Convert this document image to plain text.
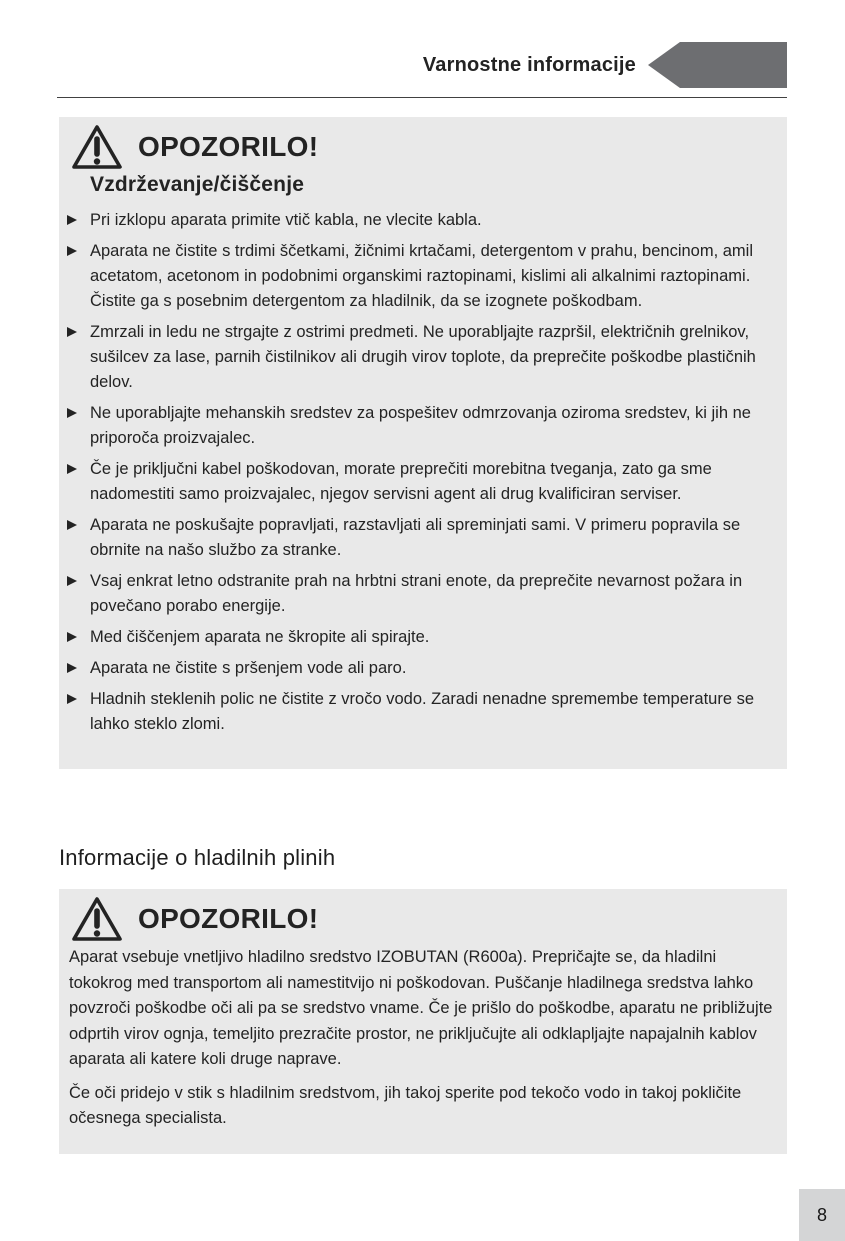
Varnostne informacije
OPOZORILO!
Vzdrževanje/čiščenje
Pri izklopu aparata primite vtič kabla, ne vlecite kabla.
Aparata ne čistite s trdimi ščetkami, žičnimi krtačami, detergentom v prahu, bencinom, amil acetatom, acetonom in podobnimi organskimi raztopinami, kislimi ali alkalnimi raztopinami. Čistite ga s posebnim detergentom za hladilnik, da se izognete poškodbam.
Zmrzali in ledu ne strgajte z ostrimi predmeti. Ne uporabljajte razpršil, električnih grelnikov, sušilcev za lase, parnih čistilnikov ali drugih virov toplote, da preprečite poškodbe plastičnih delov.
Ne uporabljajte mehanskih sredstev za pospešitev odmrzovanja oziroma sredstev, ki jih ne priporoča proizvajalec.
Če je priključni kabel poškodovan, morate preprečiti morebitna tveganja, zato ga sme nadomestiti samo proizvajalec, njegov servisni agent ali drug kvalificiran serviser.
Aparata ne poskušajte popravljati, razstavljati ali spreminjati sami. V primeru popravila se obrnite na našo službo za stranke.
Vsaj enkrat letno odstranite prah na hrbtni strani enote, da preprečite nevarnost požara in povečano porabo energije.
Med čiščenjem aparata ne škropite ali spirajte.
Aparata ne čistite s pršenjem vode ali paro.
Hladnih steklenih polic ne čistite z vročo vodo. Zaradi nenadne spremembe temperature se lahko steklo zlomi.
Informacije o hladilnih plinih
OPOZORILO!

Aparat vsebuje vnetljivo hladilno sredstvo IZOBUTAN (R600a). Prepričajte se, da hladilni tokokrog med transportom ali namestitvijo ni poškodovan. Puščanje hladilnega sredstva lahko povzroči poškodbe oči ali pa se sredstvo vname. Če je prišlo do poškodbe, aparatu ne približujte odprtih virov ognja, temeljito prezračite prostor, ne priključujte ali odklapljajte napajalnih kablov aparata ali katere koli druge naprave.

Če oči pridejo v stik s hladilnim sredstvom, jih takoj sperite pod tekočo vodo in takoj pokličite očesnega specialista.

8
